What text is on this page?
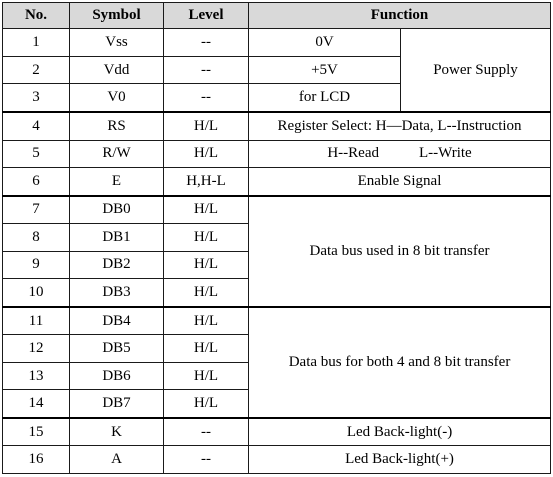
No.	Symbol	Level	Function	
1	Vss	--	0V	Power Supply
2	Vdd	--	+5V	
3	V0	--	for LCD	
4	RS	H/L	Register Select: H—Data, L--Instruction	
5	R/W	H/L	H--Read L--Write	
6	E	H,H-L	Enable Signal	
7	DB0	H/L	Data bus used in 8 bit transfer	
8	DB1	H/L		
9	DB2	H/L		
10	DB3	H/L		
11	DB4	H/L	Data bus for both 4 and 8 bit transfer	
12	DB5	H/L		
13	DB6	H/L		
14	DB7	H/L		
15	K	--	Led Back-light(-)	
16	A	--	Led Back-light(+)	
